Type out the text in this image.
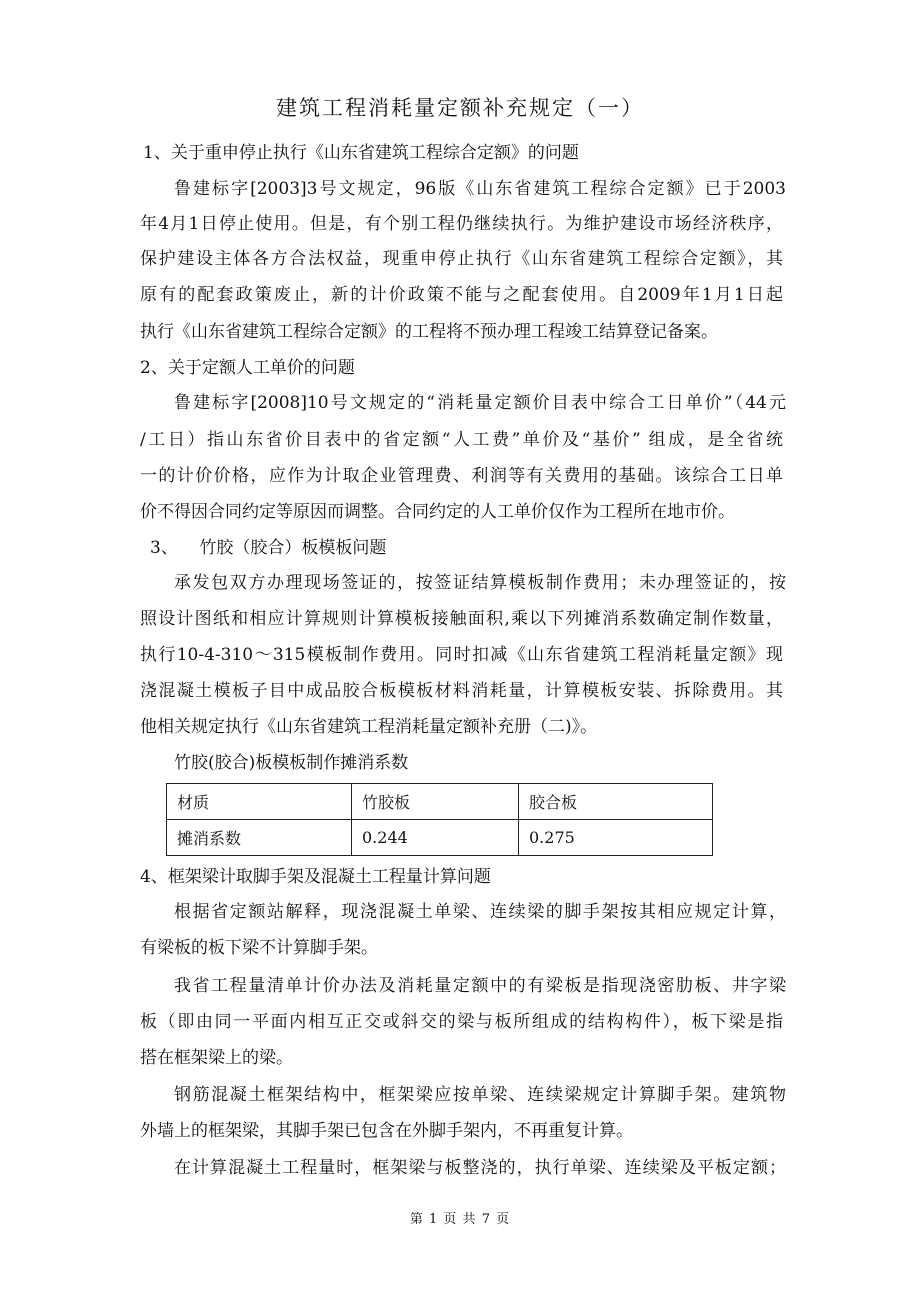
建筑工程消耗量定额补充规定（一）
1、关于重申停止执行《山东省建筑工程综合定额》的问题
鲁建标字[2003]3号文规定，96版《山东省建筑工程综合定额》已于2003
年4月1日停止使用。但是，有个别工程仍继续执行。为维护建设市场经济秩序，
保护建设主体各方合法权益，现重申停止执行《山东省建筑工程综合定额》，其
原有的配套政策废止，新的计价政策不能与之配套使用。自2009年1月1日起
执行《山东省建筑工程综合定额》的工程将不预办理工程竣工结算登记备案。
2、关于定额人工单价的问题
鲁建标字[2008]10号文规定的“消耗量定额价目表中综合工日单价”（44元
/工日）指山东省价目表中的省定额“人工费”单价及“基价” 组成，是全省统
一的计价价格，应作为计取企业管理费、利润等有关费用的基础。该综合工日单
价不得因合同约定等原因而调整。合同约定的人工单价仅作为工程所在地市价。
3、    竹胶（胶合）板模板问题
承发包双方办理现场签证的，按签证结算模板制作费用；未办理签证的，按
照设计图纸和相应计算规则计算模板接触面积,乘以下列摊消系数确定制作数量，
执行10-4-310～315模板制作费用。同时扣减《山东省建筑工程消耗量定额》现
浇混凝土模板子目中成品胶合板模板材料消耗量，计算模板安装、拆除费用。其
他相关规定执行《山东省建筑工程消耗量定额补充册（二)》。
竹胶(胶合)板模板制作摊消系数
材质	竹胶板	胶合板
摊消系数	0.244	0.275
4、框架梁计取脚手架及混凝土工程量计算问题
根据省定额站解释，现浇混凝土单梁、连续梁的脚手架按其相应规定计算，
有梁板的板下梁不计算脚手架。
我省工程量清单计价办法及消耗量定额中的有梁板是指现浇密肋板、井字梁
板（即由同一平面内相互正交或斜交的梁与板所组成的结构构件），板下梁是指
搭在框架梁上的梁。
钢筋混凝土框架结构中，框架梁应按单梁、连续梁规定计算脚手架。建筑物
外墙上的框架梁，其脚手架已包含在外脚手架内，不再重复计算。
在计算混凝土工程量时，框架梁与板整浇的，执行单梁、连续梁及平板定额；
第 1 页 共 7 页
